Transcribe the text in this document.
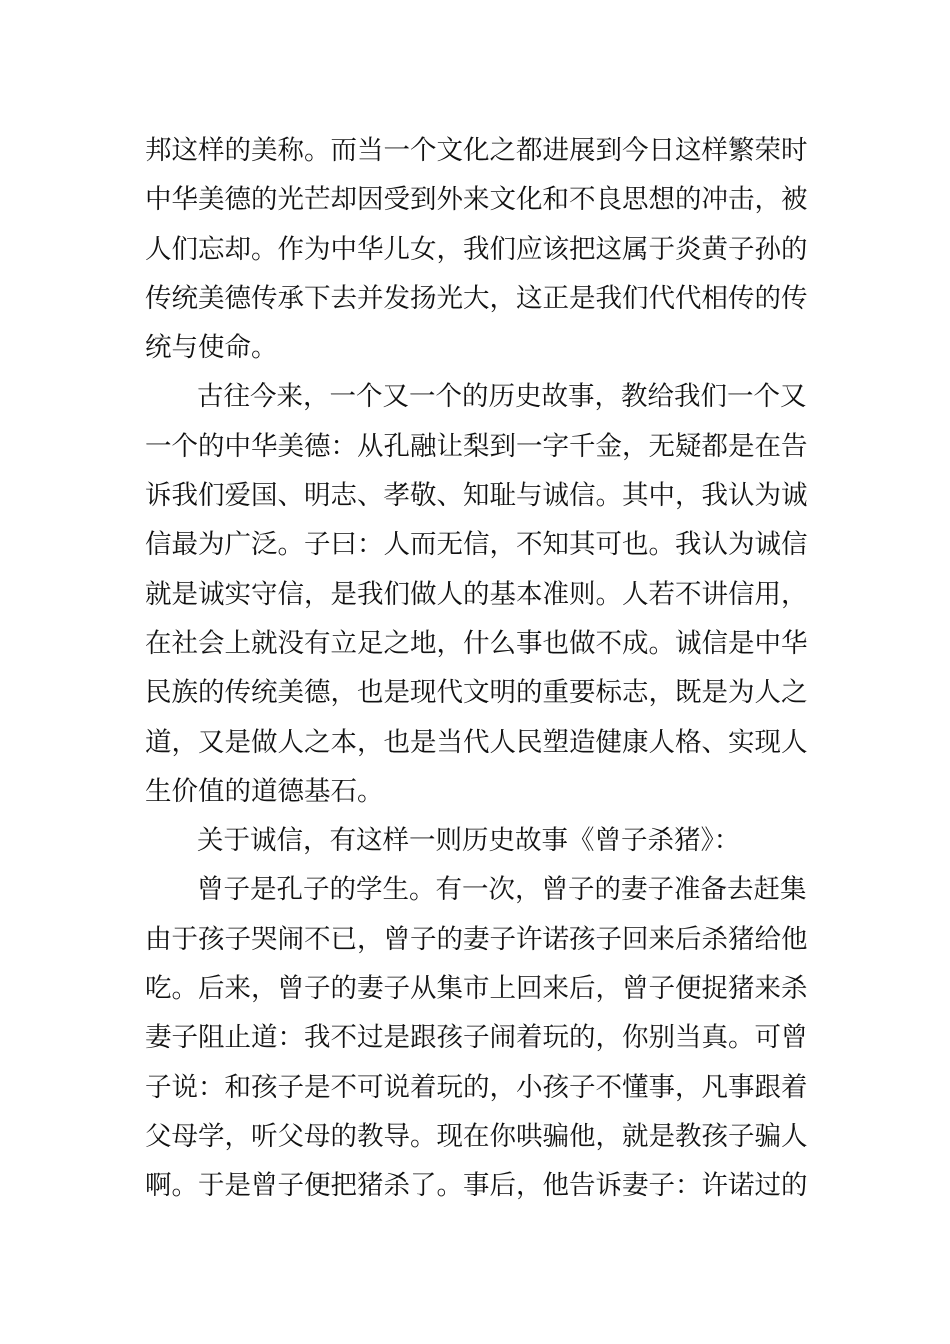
邦这样的美称。而当一个文化之都进展到今日这样繁荣时
中华美德的光芒却因受到外来文化和不良思想的冲击，被
人们忘却。作为中华儿女，我们应该把这属于炎黄子孙的
传统美德传承下去并发扬光大，这正是我们代代相传的传
统与使命。
古往今来，一个又一个的历史故事，教给我们一个又
一个的中华美德：从孔融让梨到一字千金，无疑都是在告
诉我们爱国、明志、孝敬、知耻与诚信。其中，我认为诚
信最为广泛。子曰：人而无信，不知其可也。我认为诚信
就是诚实守信，是我们做人的基本准则。人若不讲信用，
在社会上就没有立足之地，什么事也做不成。诚信是中华
民族的传统美德，也是现代文明的重要标志，既是为人之
道，又是做人之本，也是当代人民塑造健康人格、实现人
生价值的道德基石。
关于诚信，有这样一则历史故事《曾子杀猪》：
曾子是孔子的学生。有一次，曾子的妻子准备去赶集
由于孩子哭闹不已，曾子的妻子许诺孩子回来后杀猪给他
吃。后来，曾子的妻子从集市上回来后，曾子便捉猪来杀
妻子阻止道：我不过是跟孩子闹着玩的，你别当真。可曾
子说：和孩子是不可说着玩的，小孩子不懂事，凡事跟着
父母学，听父母的教导。现在你哄骗他，就是教孩子骗人
啊。于是曾子便把猪杀了。事后，他告诉妻子：许诺过的
